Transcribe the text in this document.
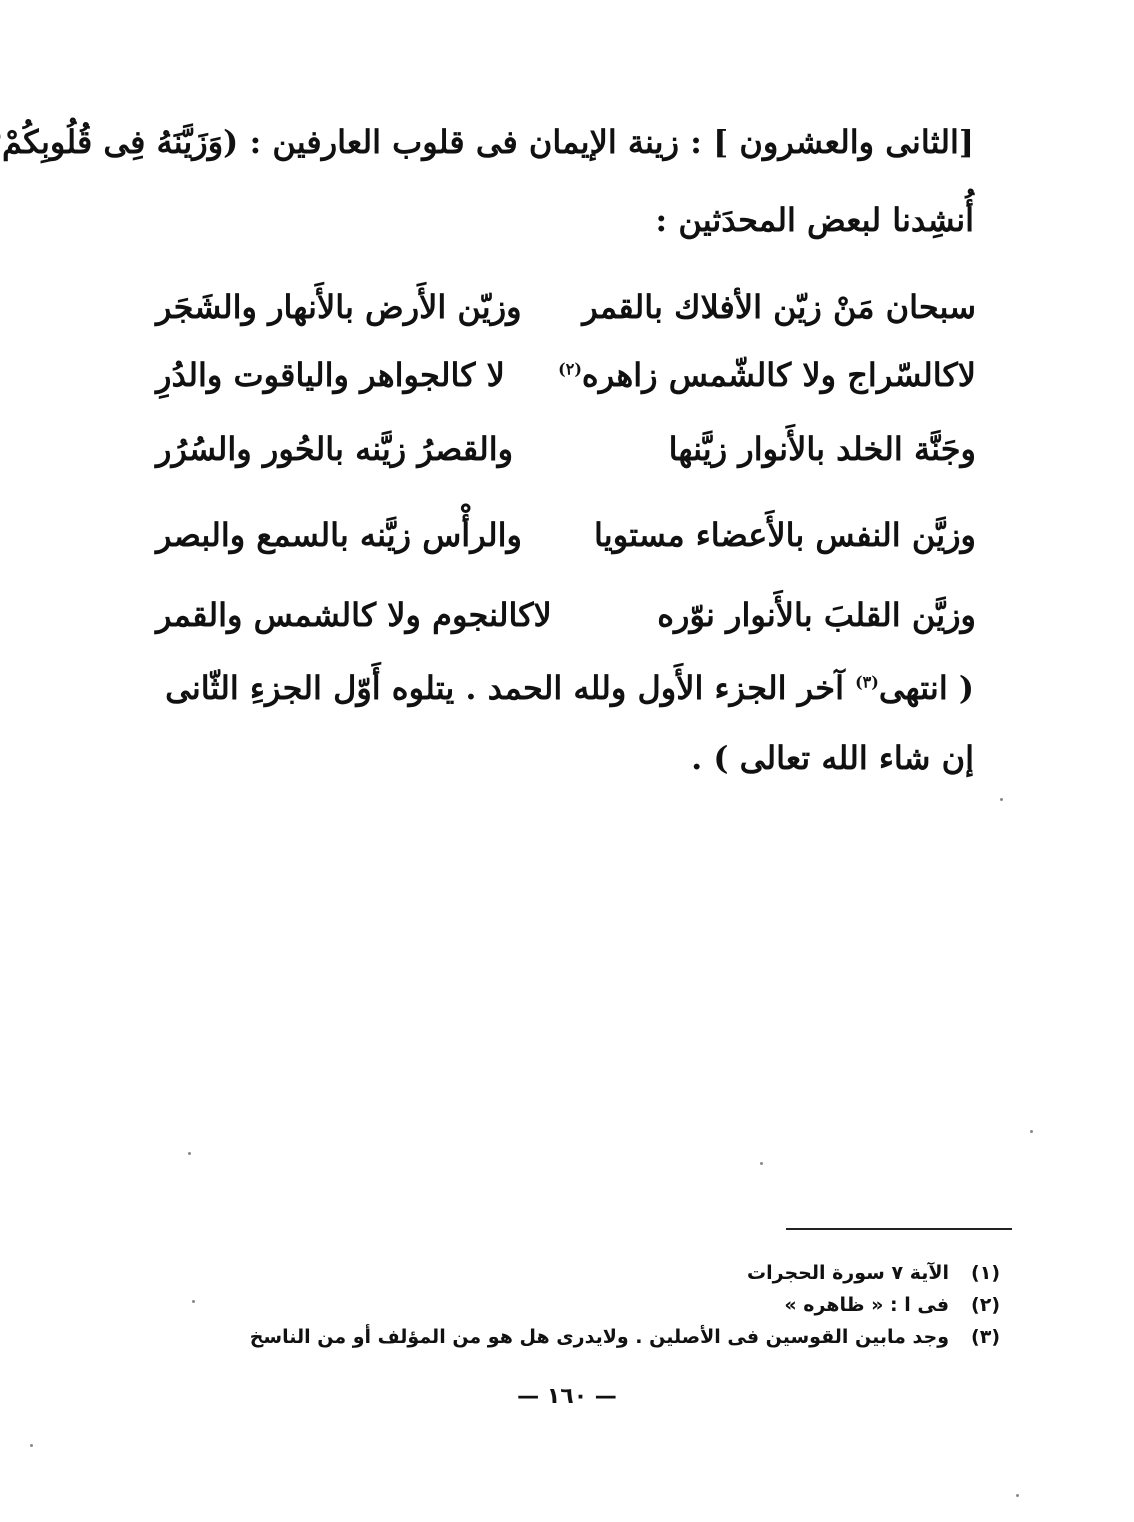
[الثانى والعشرون ] : زينة الإيمان فى قلوب العارفين : (وَزَيَّنَهُ فِى قُلُوبِكُمْ
أُنشِدنا لبعض المحدَثين :
سبحان مَنْ زيّن الأفلاك بالقمر
وزيّن الأَرض بالأَنهار والشَجَر
لاكالسّراج ولا كالشّمس زاهره$^{(٢)}$
لا كالجواهر والياقوت والدُرِ
وجَنَّة الخلد بالأَنوار زيَّنها
والقصرُ زيَّنه بالحُور والسُرُر
وزيَّن النفس بالأَعضاء مستويا
والرأْس زيَّنه بالسمع والبصر
وزيَّن القلبَ بالأَنوار نوّره
لاكالنجوم ولا كالشمس والقمر
( انتهى$^{(٣)}$ آخر الجزء الأَول ولله الحمد . يتلوه أَوّل الجزءِ الثّانى
إن شاء الله تعالى ) .
(١)الآية ٧ سورة الحجرات
(٢)فى ا : « ظاهره »
(٣)وجد مابين القوسين فى الأصلين . ولايدرى هل هو من المؤلف أو من الناسخ
— ١٦٠ —
